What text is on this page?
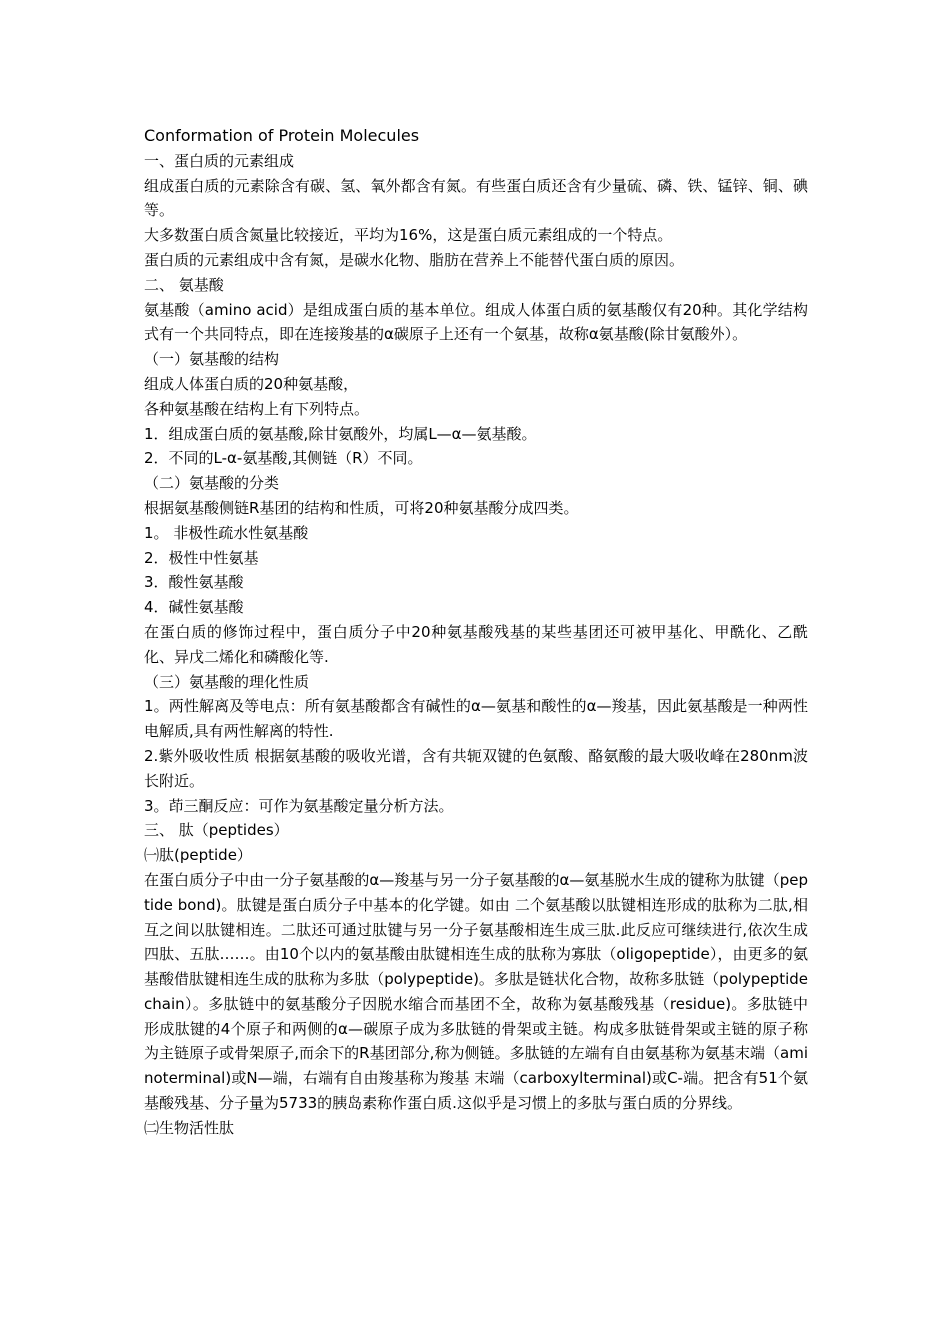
Conformation of Protein Molecules

一、蛋白质的元素组成

组成蛋白质的元素除含有碳、氢、氧外都含有氮。有些蛋白质还含有少量硫、磷、铁、锰锌、铜、碘等。

大多数蛋白质含氮量比较接近，平均为16%，这是蛋白质元素组成的一个特点。

蛋白质的元素组成中含有氮，是碳水化物、脂肪在营养上不能替代蛋白质的原因。

二、 氨基酸

氨基酸（amino acid）是组成蛋白质的基本单位。组成人体蛋白质的氨基酸仅有20种。其化学结构式有一个共同特点，即在连接羧基的α碳原子上还有一个氨基，故称α氨基酸(除甘氨酸外）。

（一）氨基酸的结构

组成人体蛋白质的20种氨基酸，

各种氨基酸在结构上有下列特点。

1．组成蛋白质的氨基酸,除甘氨酸外，均属L—α—氨基酸。

2．不同的L-α-氨基酸,其侧链（R）不同。

（二）氨基酸的分类

根据氨基酸侧链R基团的结构和性质，可将20种氨基酸分成四类。

1。 非极性疏水性氨基酸

2．极性中性氨基

3．酸性氨基酸

4．碱性氨基酸

在蛋白质的修饰过程中，蛋白质分子中20种氨基酸残基的某些基团还可被甲基化、甲酰化、乙酰化、异戊二烯化和磷酸化等.

（三）氨基酸的理化性质

1。两性解离及等电点：所有氨基酸都含有碱性的α—氨基和酸性的α—羧基，因此氨基酸是一种两性电解质,具有两性解离的特性.

2.紫外吸收性质 根据氨基酸的吸收光谱，含有共轭双键的色氨酸、酪氨酸的最大吸收峰在280nm波长附近。

3。茚三酮反应：可作为氨基酸定量分析方法。

三、 肽（peptides）

㈠肽(peptide）

在蛋白质分子中由一分子氨基酸的α—羧基与另一分子氨基酸的α—氨基脱水生成的键称为肽键（peptide bond)。肽键是蛋白质分子中基本的化学键。如由 二个氨基酸以肽键相连形成的肽称为二肽,相互之间以肽键相连。二肽还可通过肽键与另一分子氨基酸相连生成三肽.此反应可继续进行,依次生成四肽、五肽……。由10个以内的氨基酸由肽键相连生成的肽称为寡肽（oligopeptide），由更多的氨基酸借肽键相连生成的肽称为多肽（polypeptide)。多肽是链状化合物，故称多肽链（polypeptide chain）。多肽链中的氨基酸分子因脱水缩合而基团不全，故称为氨基酸残基（residue)。多肽链中形成肽键的4个原子和两侧的α—碳原子成为多肽链的骨架或主链。构成多肽链骨架或主链的原子称为主链原子或骨架原子,而余下的R基团部分,称为侧链。多肽链的左端有自由氨基称为氨基末端（aminoterminal)或N—端，右端有自由羧基称为羧基 末端（carboxylterminal)或C-端。把含有51个氨基酸残基、分子量为5733的胰岛素称作蛋白质.这似乎是习惯上的多肽与蛋白质的分界线。

㈡生物活性肽
